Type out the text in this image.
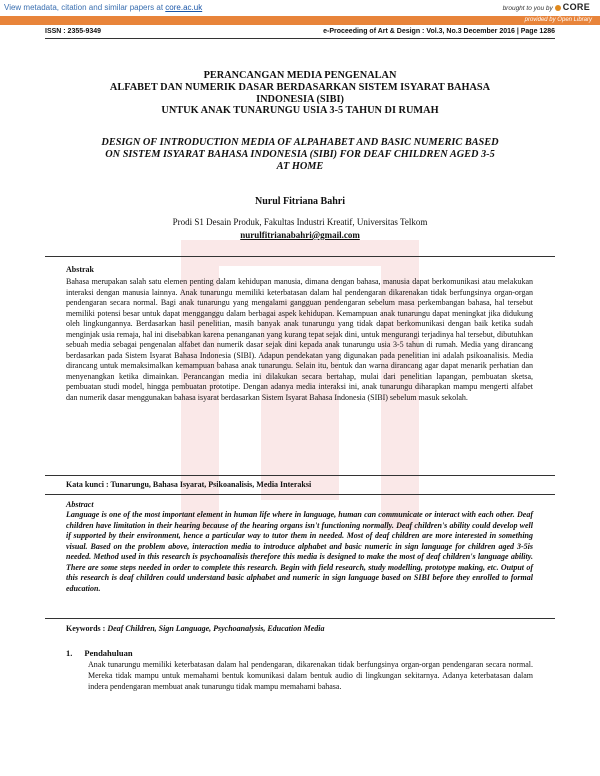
View metadata, citation and similar papers at core.ac.uk	brought to you by CORE
provided by Open Library
ISSN : 2355-9349	e-Proceeding of Art & Design : Vol.3, No.3 December 2016 | Page 1286
PERANCANGAN MEDIA PENGENALAN
ALFABET DAN NUMERIK DASAR BERDASARKAN SISTEM ISYARAT BAHASA
INDONESIA (SIBI)
UNTUK ANAK TUNARUNGU USIA 3-5 TAHUN DI RUMAH
DESIGN OF INTRODUCTION MEDIA OF ALPAHABET AND BASIC NUMERIC BASED
ON SISTEM ISYARAT BAHASA INDONESIA (SIBI) FOR DEAF CHILDREN AGED 3-5
AT HOME
Nurul Fitriana Bahri
Prodi S1 Desain Produk, Fakultas Industri Kreatif, Universitas Telkom
nurulfitrianabahri@gmail.com
Abstrak
Bahasa merupakan salah satu elemen penting dalam kehidupan manusia, dimana dengan bahasa, manusia dapat berkomunikasi atau melakukan interaksi dengan manusia lainnya. Anak tunarungu memiliki keterbatasan dalam hal pendengaran dikarenakan tidak berfungsinya organ-organ pendengaran secara normal. Bagi anak tunarungu yang mengalami gangguan pendengaran sebelum masa perkembangan bahasa, hal tersebut memiliki potensi besar untuk dapat mengganggu dalam berbagai aspek kehidupan. Kemampuan anak tunarungu dapat meningkat jika didukung oleh lingkungannya. Berdasarkan hasil penelitian, masih banyak anak tunarungu yang tidak dapat berkomunikasi dengan baik ketika sudah menginjak usia remaja, hal ini disebabkan karena penanganan yang kurang tepat sejak dini, untuk mengurangi terjadinya hal tersebut, dibutuhkan sebuah media sebagai pengenalan alfabet dan numerik dasar sejak dini kepada anak tunarungu usia 3-5 tahun di rumah. Media yang dirancang berdasarkan pada Sistem Isyarat Bahasa Indonesia (SIBI). Adapun pendekatan yang digunakan pada penelitian ini adalah psikoanalisis. Media dirancang untuk memaksimalkan kemampuan bahasa anak tunarungu. Selain itu, bentuk dan warna dirancang agar dapat menarik perhatian dan menyenangkan ketika dimainkan. Perancangan media ini dilakukan secara bertahap, mulai dari penelitian lapangan, pembuatan sketsa, pembuatan studi model, hingga pembuatan prototipe. Dengan adanya media interaksi ini, anak tunarungu diharapkan mampu mengerti alfabet dan numerik dasar menggunakan bahasa isyarat berdasarkan Sistem Isyarat Bahasa Indonesia (SIBI) sebelum masuk sekolah.
Kata kunci : Tunarungu, Bahasa Isyarat, Psikoanalisis, Media Interaksi
Abstract
Language is one of the most important element in human life where in language, human can communicate or interact with each other. Deaf children have limitation in their hearing because of the hearing organs isn't functioning normally. Deaf children's ability could develop well if supported by their environment, hence a particular way to tutor them in needed. Most of deaf children are more interested in something visual. Based on the problem above, interaction media to introduce alphabet and basic numeric in sign language for children aged 3-5is needed. Method used in this research is psychoanalisis therefore this media is designed to make the most of deaf children's language ability. There are some steps needed in order to complete this research. Begin with field research, study modelling, prototype making, etc. Output of this research is deaf children could understand basic alphabet and numeric in sign language based on SIBI before they enrolled to formal education.
Keywords : Deaf Children, Sign Language, Psychoanalysis, Education Media
1. Pendahuluan
Anak tunarungu memiliki keterbatasan dalam hal pendengaran, dikarenakan tidak berfungsinya organ-organ pendengaran secara normal. Mereka tidak mampu untuk memahami bentuk komunikasi dalam bentuk audio di lingkungan sekitarnya. Adanya keterbatasan dalam indera pendengaran membuat anak tunarungu tidak mampu memahami bahasa.
